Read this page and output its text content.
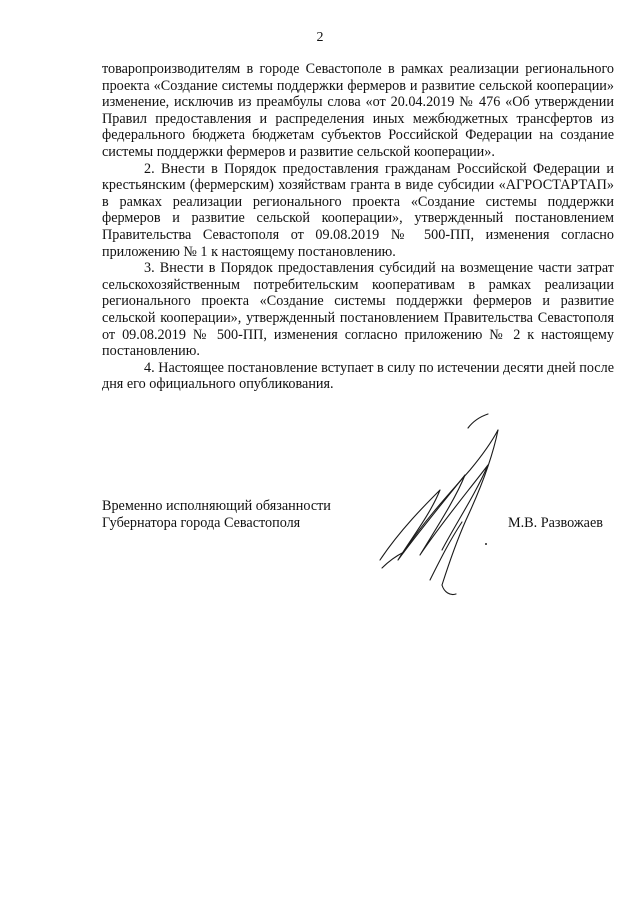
2

товаропроизводителям в городе Севастополе в рамках реализации регионального проекта «Создание системы поддержки фермеров и развитие сельской кооперации» изменение, исключив из преамбулы слова «от 20.04.2019 № 476 «Об утверждении Правил предоставления и распределения иных межбюджетных трансфертов из федерального бюджета бюджетам субъектов Российской Федерации на создание системы поддержки фермеров и развитие сельской кооперации».

2. Внести в Порядок предоставления гражданам Российской Федерации и крестьянским (фермерским) хозяйствам гранта в виде субсидии «АГРОСТАРТАП» в рамках реализации регионального проекта «Создание системы поддержки фермеров и развитие сельской кооперации», утвержденный постановлением Правительства Севастополя от 09.08.2019 № 500-ПП, изменения согласно приложению № 1 к настоящему постановлению.

3. Внести в Порядок предоставления субсидий на возмещение части затрат сельскохозяйственным потребительским кооперативам в рамках реализации регионального проекта «Создание системы поддержки фермеров и развитие сельской кооперации», утвержденный постановлением Правительства Севастополя от 09.08.2019 № 500-ПП, изменения согласно приложению № 2 к настоящему постановлению.

4. Настоящее постановление вступает в силу по истечении десяти дней после дня его официального опубликования.

Временно исполняющий обязанности
Губернатора города Севастополя	М.В. Развожаев
